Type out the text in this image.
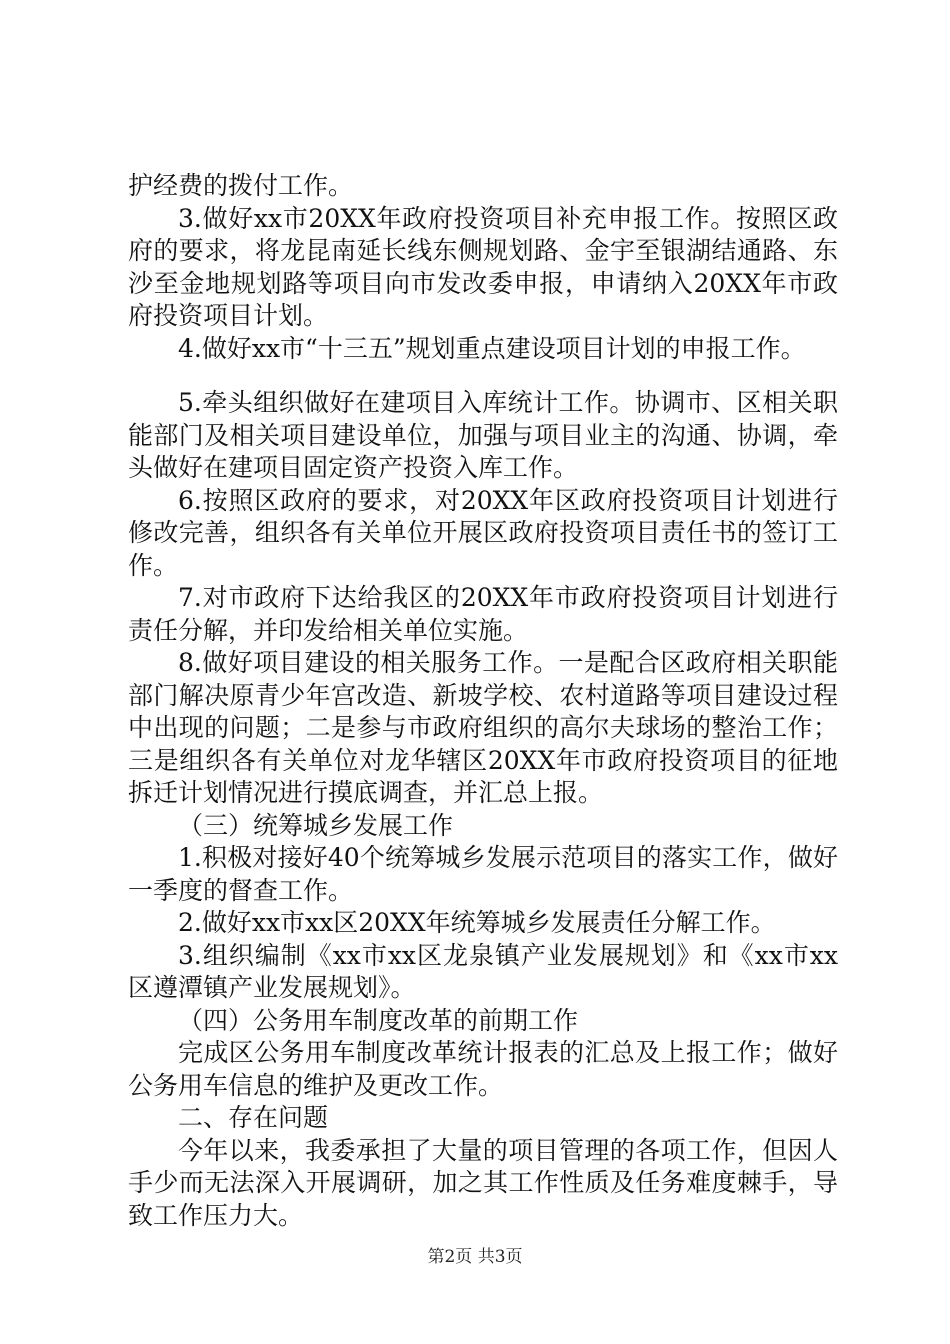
护经费的拨付工作。

3.做好xx市20XX年政府投资项目补充申报工作。按照区政府的要求，将龙昆南延长线东侧规划路、金宇至银湖结通路、东沙至金地规划路等项目向市发改委申报，申请纳入20XX年市政府投资项目计划。

4.做好xx市“十三五”规划重点建设项目计划的申报工作。

5.牵头组织做好在建项目入库统计工作。协调市、区相关职能部门及相关项目建设单位，加强与项目业主的沟通、协调，牵头做好在建项目固定资产投资入库工作。

6.按照区政府的要求，对20XX年区政府投资项目计划进行修改完善，组织各有关单位开展区政府投资项目责任书的签订工作。

7.对市政府下达给我区的20XX年市政府投资项目计划进行责任分解，并印发给相关单位实施。

8.做好项目建设的相关服务工作。一是配合区政府相关职能部门解决原青少年宫改造、新坡学校、农村道路等项目建设过程中出现的问题；二是参与市政府组织的高尔夫球场的整治工作；三是组织各有关单位对龙华辖区20XX年市政府投资项目的征地拆迁计划情况进行摸底调查，并汇总上报。

（三）统筹城乡发展工作

1.积极对接好40个统筹城乡发展示范项目的落实工作，做好一季度的督查工作。

2.做好xx市xx区20XX年统筹城乡发展责任分解工作。

3.组织编制《xx市xx区龙泉镇产业发展规划》和《xx市xx区遵潭镇产业发展规划》。

（四）公务用车制度改革的前期工作

完成区公务用车制度改革统计报表的汇总及上报工作；做好公务用车信息的维护及更改工作。

二、存在问题

今年以来，我委承担了大量的项目管理的各项工作，但因人手少而无法深入开展调研，加之其工作性质及任务难度棘手，导致工作压力大。

第2页 共3页
